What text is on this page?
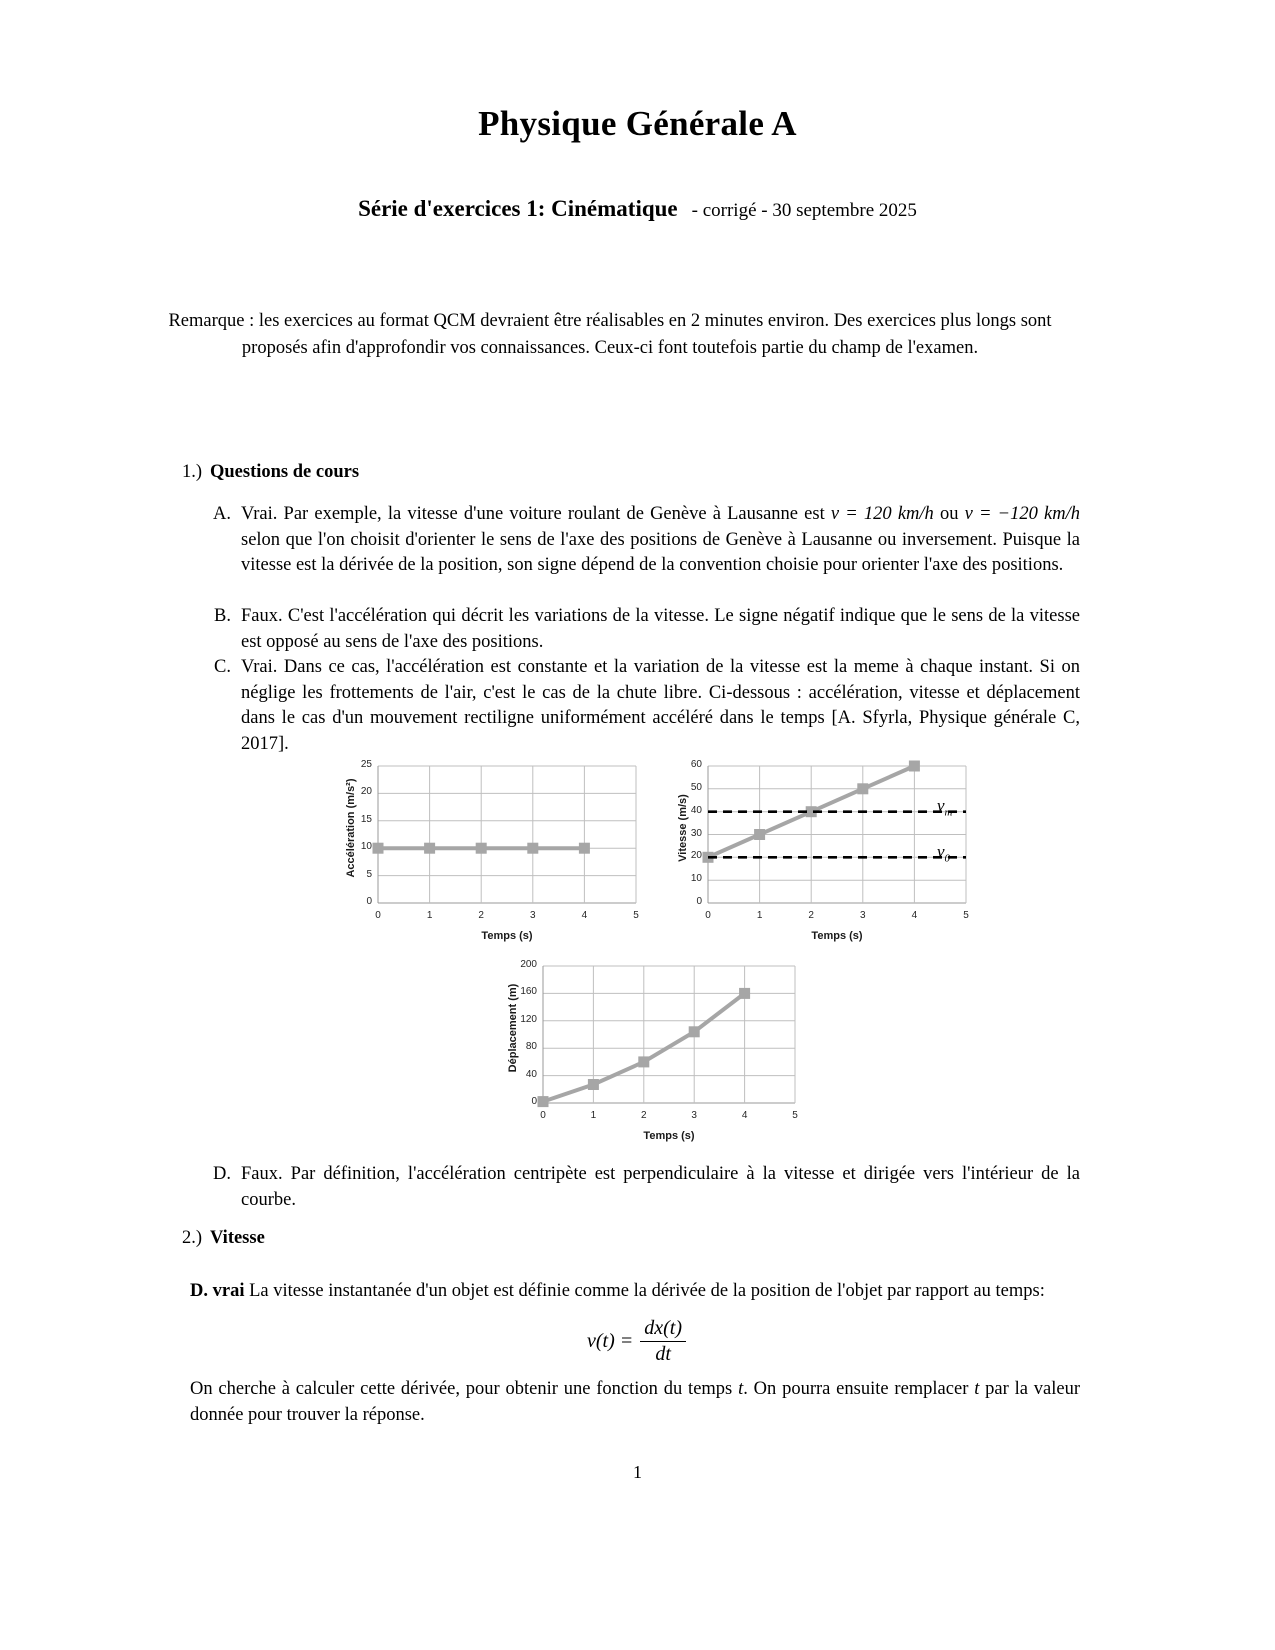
Physique Générale A
Série d'exercices 1: Cinématique - corrigé - 30 septembre 2025
Remarque : les exercices au format QCM devraient être réalisables en 2 minutes environ. Des exercices plus longs sont proposés afin d'approfondir vos connaissances. Ceux-ci font toutefois partie du champ de l'examen.
1.) Questions de cours
A. Vrai. Par exemple, la vitesse d'une voiture roulant de Genève à Lausanne est v = 120 km/h ou v = −120 km/h selon que l'on choisit d'orienter le sens de l'axe des positions de Genève à Lausanne ou inversement. Puisque la vitesse est la dérivée de la position, son signe dépend de la convention choisie pour orienter l'axe des positions.
B. Faux. C'est l'accélération qui décrit les variations de la vitesse. Le signe négatif indique que le sens de la vitesse est opposé au sens de l'axe des positions.
C. Vrai. Dans ce cas, l'accélération est constante et la variation de la vitesse est la meme à chaque instant. Si on néglige les frottements de l'air, c'est le cas de la chute libre. Ci-dessous : accélération, vitesse et déplacement dans le cas d'un mouvement rectiligne uniformément accéléré dans le temps [A. Sfyrla, Physique générale C, 2017].
Accélération (m/s²)
25
20
15
10
5
0
0	1	2	3	4	5
Temps (s)
Vitesse (m/s)
60
50
40
30
20
10
0
0	1	2	3	4	5
Temps (s)
$v_m$
$v_0$
Déplacement (m)
200
160
120
80
40
0
0	1	2	3	4	5
Temps (s)
D. Faux. Par définition, l'accélération centripète est perpendiculaire à la vitesse et dirigée vers l'intérieur de la courbe.
2.) Vitesse
D. vrai La vitesse instantanée d'un objet est définie comme la dérivée de la position de l'objet par rapport au temps:
$v(t) = \frac{dx(t)}{dt}$
On cherche à calculer cette dérivée, pour obtenir une fonction du temps t. On pourra ensuite remplacer t par la valeur donnée pour trouver la réponse.
1
